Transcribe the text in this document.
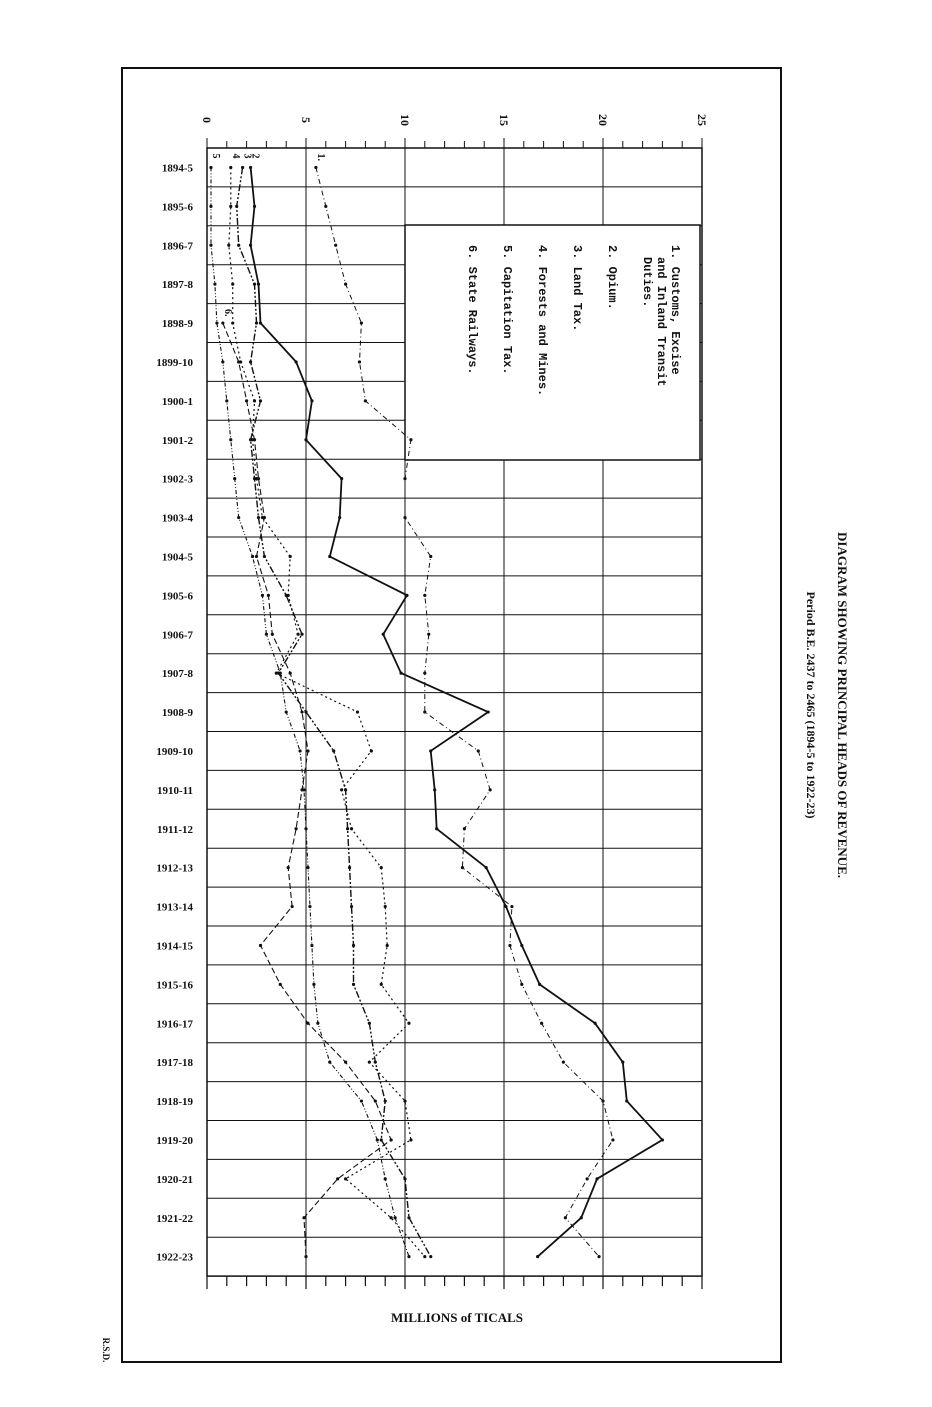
1. Customs, Excise
and Inland Transit
Duties.
2. Opium.
3. Land Tax.
4. Forests and Mines.
5. Capitation Tax.
6. State Railways.
1.
2
3
4
5
6.
1894-5
1895-6
1896-7
1897-8
1898-9
1899-10
1900-1
1901-2
1902-3
1903-4
1904-5
1905-6
1906-7
1907-8
1908-9
1909-10
1910-11
1911-12
1912-13
1913-14
1914-15
1915-16
1916-17
1917-18
1918-19
1919-20
1920-21
1921-22
1922-23
0	5	10	15	20	25
MILLIONS of TICALS
DIAGRAM SHOWING PRINCIPAL HEADS OF REVENUE.
Period B.E. 2437 to 2465 (1894-5 to 1922-23)
R.S.D.
